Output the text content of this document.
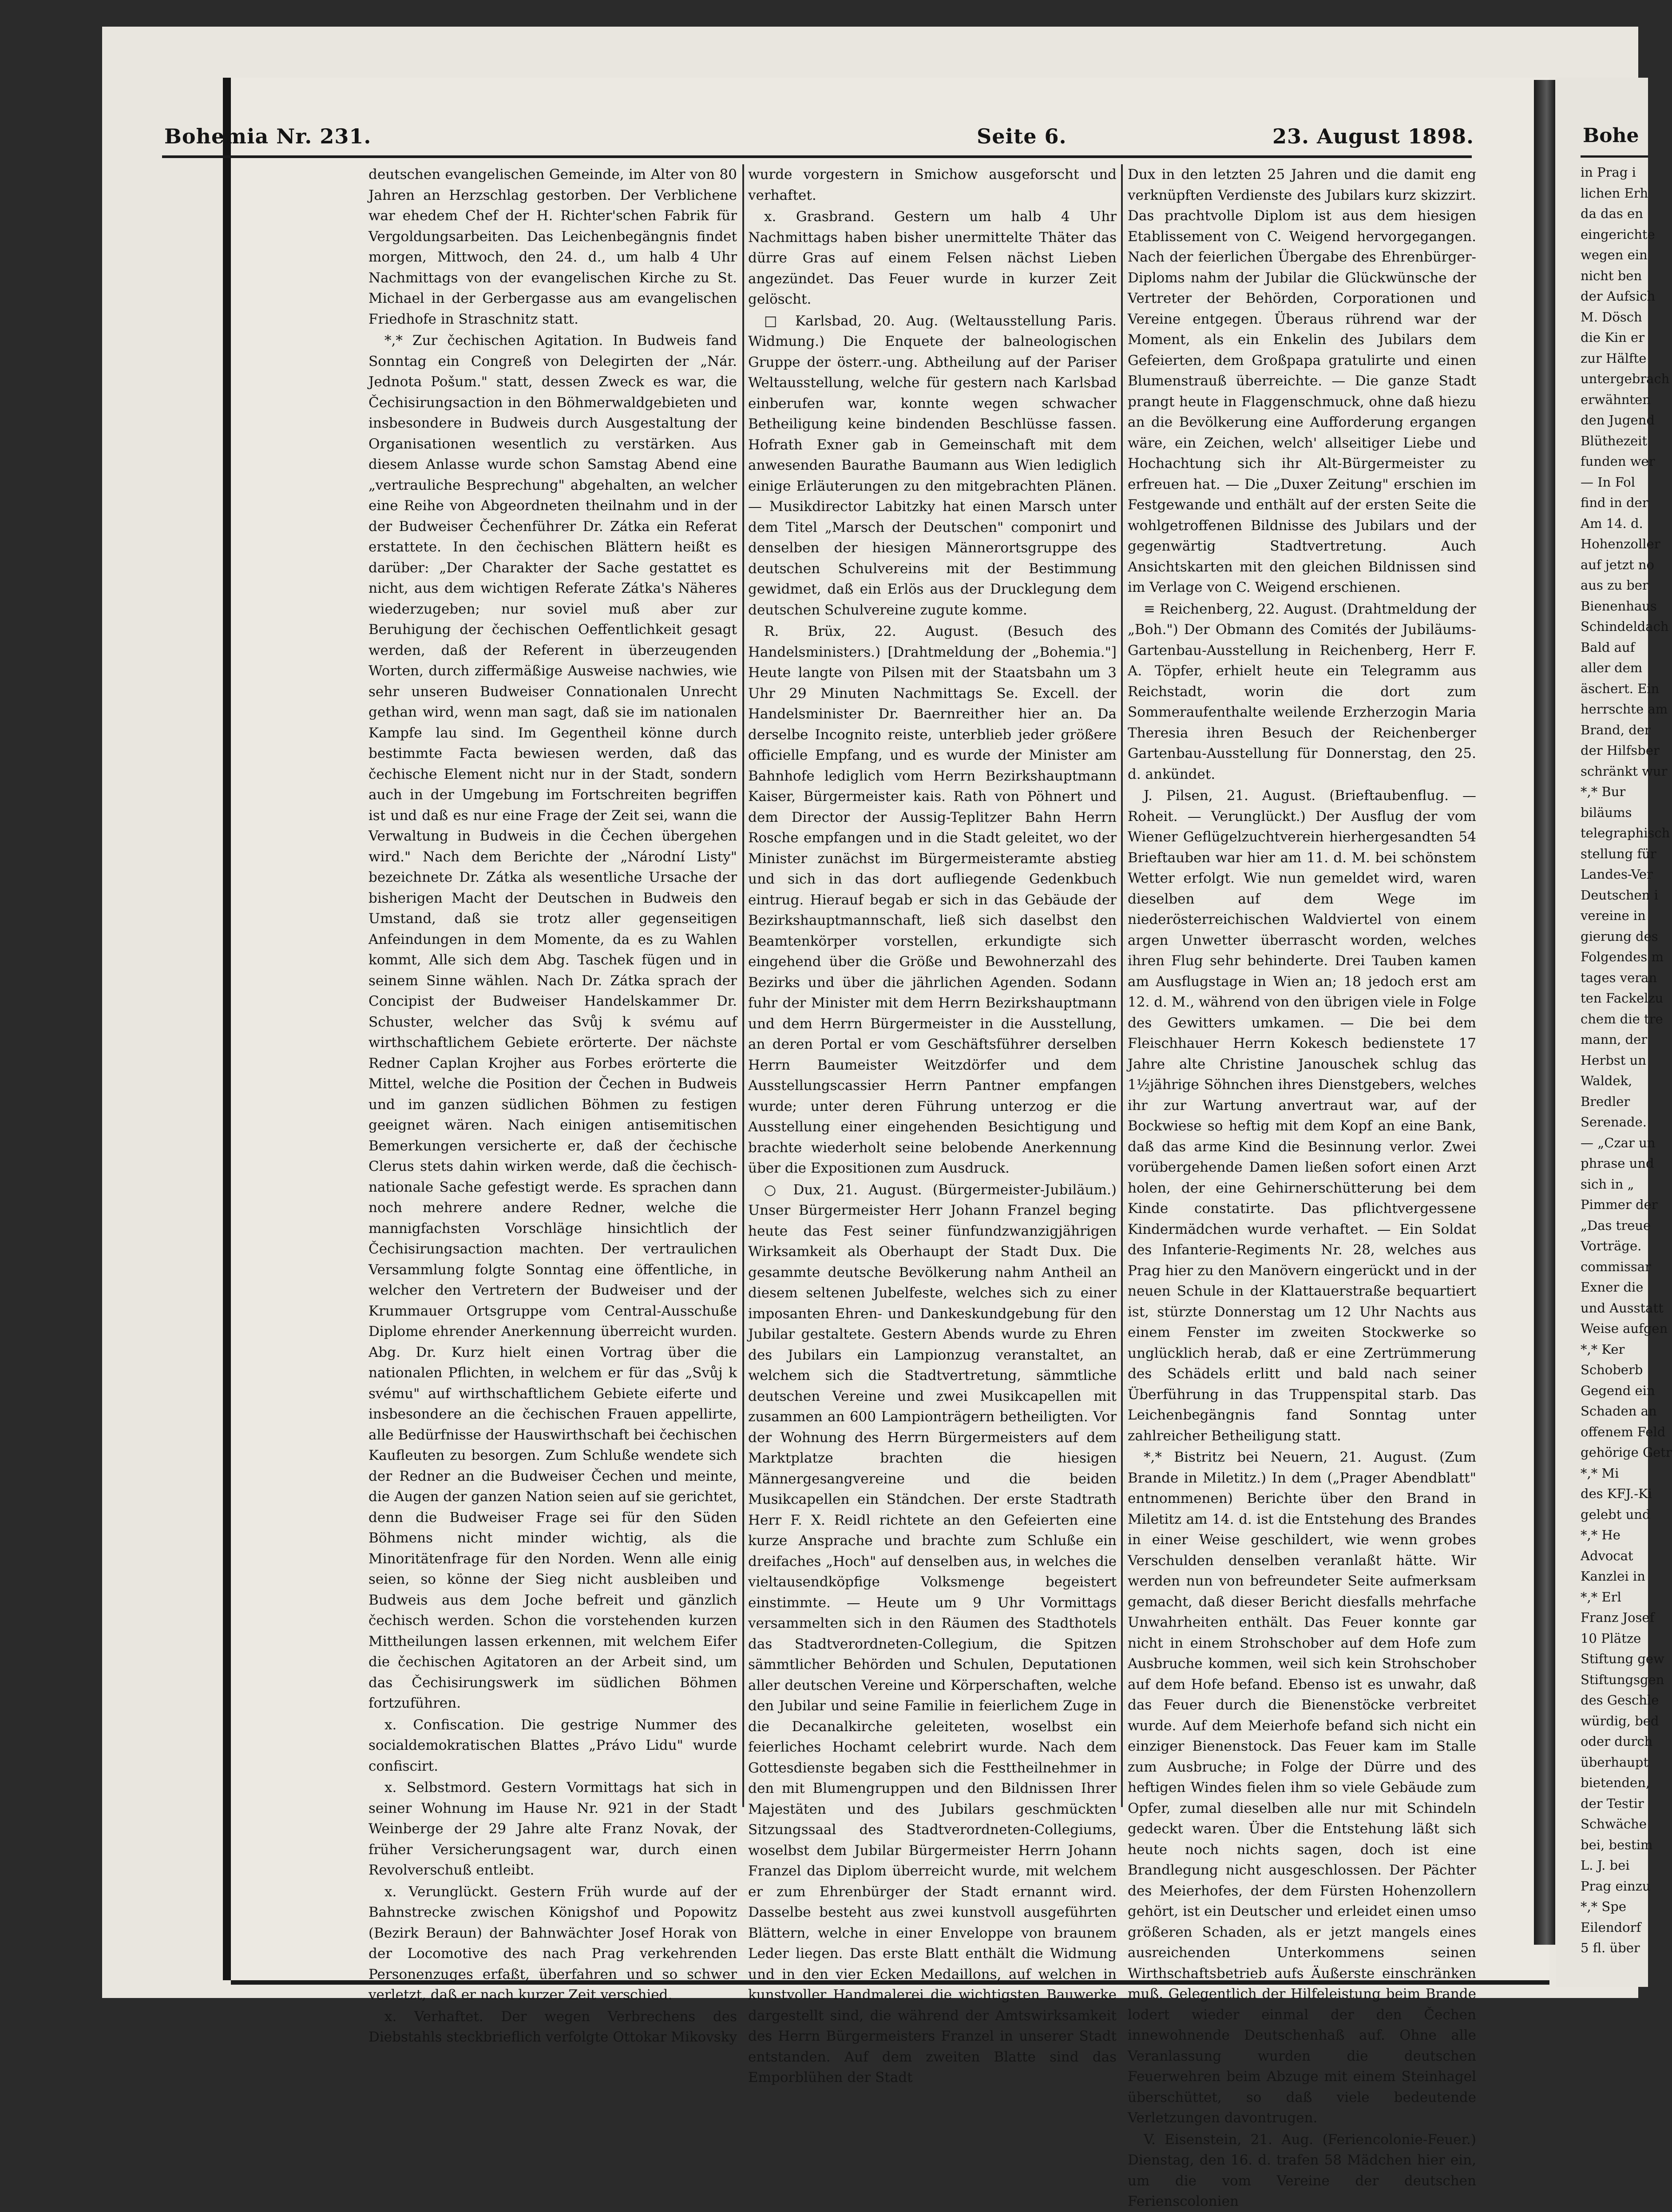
Bohemia Nr. 231.	Seite 6.	23. August 1898.

deutschen evangelischen Gemeinde, im Alter von 80 Jahren an Herzschlag gestorben. Der Verblichene war ehedem Chef der H. Richter'schen Fabrik für Vergoldungsarbeiten. Das Leichenbegängnis findet morgen, Mittwoch, den 24. d., um halb 4 Uhr Nachmittags von der evangelischen Kirche zu St. Michael in der Gerbergasse aus am evangelischen Friedhofe in Straschnitz statt.

*,* Zur čechischen Agitation. In Budweis fand Sonntag ein Congreß von Delegirten der „Nár. Jednota Pošum." statt, dessen Zweck es war, die Čechisirungsaction in den Böhmerwaldgebieten und insbesondere in Budweis durch Ausgestaltung der Organisationen wesentlich zu verstärken. Aus diesem Anlasse wurde schon Samstag Abend eine „vertrauliche Besprechung" abgehalten, an welcher eine Reihe von Abgeordneten theilnahm und in der der Budweiser Čechenführer Dr. Zátka ein Referat erstattete. In den čechischen Blättern heißt es darüber: „Der Charakter der Sache gestattet es nicht, aus dem wichtigen Referate Zátka's Näheres wiederzugeben; nur soviel muß aber zur Beruhigung der čechischen Oeffentlichkeit gesagt werden, daß der Referent in überzeugenden Worten, durch ziffermäßige Ausweise nachwies, wie sehr unseren Budweiser Connationalen Unrecht gethan wird, wenn man sagt, daß sie im nationalen Kampfe lau sind. Im Gegentheil könne durch bestimmte Facta bewiesen werden, daß das čechische Element nicht nur in der Stadt, sondern auch in der Umgebung im Fortschreiten begriffen ist und daß es nur eine Frage der Zeit sei, wann die Verwaltung in Budweis in die Čechen übergehen wird." Nach dem Berichte der „Národní Listy" bezeichnete Dr. Zátka als wesentliche Ursache der bisherigen Macht der Deutschen in Budweis den Umstand, daß sie trotz aller gegenseitigen Anfeindungen in dem Momente, da es zu Wahlen kommt, Alle sich dem Abg. Taschek fügen und in seinem Sinne wählen. Nach Dr. Zátka sprach der Concipist der Budweiser Handelskammer Dr. Schuster, welcher das Svůj k svému auf wirthschaftlichem Gebiete erörterte. Der nächste Redner Caplan Krojher aus Forbes erörterte die Mittel, welche die Position der Čechen in Budweis und im ganzen südlichen Böhmen zu festigen geeignet wären. Nach einigen antisemitischen Bemerkungen versicherte er, daß der čechische Clerus stets dahin wirken werde, daß die čechisch-nationale Sache gefestigt werde. Es sprachen dann noch mehrere andere Redner, welche die mannigfachsten Vorschläge hinsichtlich der Čechisirungsaction machten. Der vertraulichen Versammlung folgte Sonntag eine öffentliche, in welcher den Vertretern der Budweiser und der Krummauer Ortsgruppe vom Central-Ausschuße Diplome ehrender Anerkennung überreicht wurden. Abg. Dr. Kurz hielt einen Vortrag über die nationalen Pflichten, in welchem er für das „Svůj k svému" auf wirthschaftlichem Gebiete eiferte und insbesondere an die čechischen Frauen appellirte, alle Bedürfnisse der Hauswirthschaft bei čechischen Kaufleuten zu besorgen. Zum Schluße wendete sich der Redner an die Budweiser Čechen und meinte, die Augen der ganzen Nation seien auf sie gerichtet, denn die Budweiser Frage sei für den Süden Böhmens nicht minder wichtig, als die Minoritätenfrage für den Norden. Wenn alle einig seien, so könne der Sieg nicht ausbleiben und Budweis aus dem Joche befreit und gänzlich čechisch werden. Schon die vorstehenden kurzen Mittheilungen lassen erkennen, mit welchem Eifer die čechischen Agitatoren an der Arbeit sind, um das Čechisirungswerk im südlichen Böhmen fortzuführen.

x. Confiscation. Die gestrige Nummer des socialdemokratischen Blattes „Právo Lidu" wurde confiscirt.

x. Selbstmord. Gestern Vormittags hat sich in seiner Wohnung im Hause Nr. 921 in der Stadt Weinberge der 29 Jahre alte Franz Novak, der früher Versicherungsagent war, durch einen Revolverschuß entleibt.

x. Verunglückt. Gestern Früh wurde auf der Bahnstrecke zwischen Königshof und Popowitz (Bezirk Beraun) der Bahnwächter Josef Horak von der Locomotive des nach Prag verkehrenden Personenzuges erfaßt, überfahren und so schwer verletzt, daß er nach kurzer Zeit verschied.

x. Verhaftet. Der wegen Verbrechens des Diebstahls steckbrieflich verfolgte Ottokar Mikovsky

wurde vorgestern in Smichow ausgeforscht und verhaftet.

x. Grasbrand. Gestern um halb 4 Uhr Nachmittags haben bisher unermittelte Thäter das dürre Gras auf einem Felsen nächst Lieben angezündet. Das Feuer wurde in kurzer Zeit gelöscht.

□ Karlsbad, 20. Aug. (Weltausstellung Paris. Widmung.) Die Enquete der balneologischen Gruppe der österr.-ung. Abtheilung auf der Pariser Weltausstellung, welche für gestern nach Karlsbad einberufen war, konnte wegen schwacher Betheiligung keine bindenden Beschlüsse fassen. Hofrath Exner gab in Gemeinschaft mit dem anwesenden Baurathe Baumann aus Wien lediglich einige Erläuterungen zu den mitgebrachten Plänen. — Musikdirector Labitzky hat einen Marsch unter dem Titel „Marsch der Deutschen" componirt und denselben der hiesigen Männerortsgruppe des deutschen Schulvereins mit der Bestimmung gewidmet, daß ein Erlös aus der Drucklegung dem deutschen Schulvereine zugute komme.

R. Brüx, 22. August. (Besuch des Handelsministers.) [Drahtmeldung der „Bohemia."] Heute langte von Pilsen mit der Staatsbahn um 3 Uhr 29 Minuten Nachmittags Se. Excell. der Handelsminister Dr. Baernreither hier an. Da derselbe Incognito reiste, unterblieb jeder größere officielle Empfang, und es wurde der Minister am Bahnhofe lediglich vom Herrn Bezirkshauptmann Kaiser, Bürgermeister kais. Rath von Pöhnert und dem Director der Aussig-Teplitzer Bahn Herrn Rosche empfangen und in die Stadt geleitet, wo der Minister zunächst im Bürgermeisteramte abstieg und sich in das dort aufliegende Gedenkbuch eintrug. Hierauf begab er sich in das Gebäude der Bezirkshauptmannschaft, ließ sich daselbst den Beamtenkörper vorstellen, erkundigte sich eingehend über die Größe und Bewohnerzahl des Bezirks und über die jährlichen Agenden. Sodann fuhr der Minister mit dem Herrn Bezirkshauptmann und dem Herrn Bürgermeister in die Ausstellung, an deren Portal er vom Geschäftsführer derselben Herrn Baumeister Weitzdörfer und dem Ausstellungscassier Herrn Pantner empfangen wurde; unter deren Führung unterzog er die Ausstellung einer eingehenden Besichtigung und brachte wiederholt seine belobende Anerkennung über die Expositionen zum Ausdruck.

○ Dux, 21. August. (Bürgermeister-Jubiläum.) Unser Bürgermeister Herr Johann Franzel beging heute das Fest seiner fünfundzwanzigjährigen Wirksamkeit als Oberhaupt der Stadt Dux. Die gesammte deutsche Bevölkerung nahm Antheil an diesem seltenen Jubelfeste, welches sich zu einer imposanten Ehren- und Dankeskundgebung für den Jubilar gestaltete. Gestern Abends wurde zu Ehren des Jubilars ein Lampionzug veranstaltet, an welchem sich die Stadtvertretung, sämmtliche deutschen Vereine und zwei Musikcapellen mit zusammen an 600 Lampionträgern betheiligten. Vor der Wohnung des Herrn Bürgermeisters auf dem Marktplatze brachten die hiesigen Männergesangvereine und die beiden Musikcapellen ein Ständchen. Der erste Stadtrath Herr F. X. Reidl richtete an den Gefeierten eine kurze Ansprache und brachte zum Schluße ein dreifaches „Hoch" auf denselben aus, in welches die vieltausendköpfige Volksmenge begeistert einstimmte. — Heute um 9 Uhr Vormittags versammelten sich in den Räumen des Stadthotels das Stadtverordneten-Collegium, die Spitzen sämmtlicher Behörden und Schulen, Deputationen aller deutschen Vereine und Körperschaften, welche den Jubilar und seine Familie in feierlichem Zuge in die Decanalkirche geleiteten, woselbst ein feierliches Hochamt celebrirt wurde. Nach dem Gottesdienste begaben sich die Festtheilnehmer in den mit Blumengruppen und den Bildnissen Ihrer Majestäten und des Jubilars geschmückten Sitzungssaal des Stadtverordneten-Collegiums, woselbst dem Jubilar Bürgermeister Herrn Johann Franzel das Diplom überreicht wurde, mit welchem er zum Ehrenbürger der Stadt ernannt wird. Dasselbe besteht aus zwei kunstvoll ausgeführten Blättern, welche in einer Enveloppe von braunem Leder liegen. Das erste Blatt enthält die Widmung und in den vier Ecken Medaillons, auf welchen in kunstvoller Handmalerei die wichtigsten Bauwerke dargestellt sind, die während der Amtswirksamkeit des Herrn Bürgermeisters Franzel in unserer Stadt entstanden. Auf dem zweiten Blatte sind das Emporblühen der Stadt

Dux in den letzten 25 Jahren und die damit eng verknüpften Verdienste des Jubilars kurz skizzirt. Das prachtvolle Diplom ist aus dem hiesigen Etablissement von C. Weigend hervorgegangen. Nach der feierlichen Übergabe des Ehrenbürger-Diploms nahm der Jubilar die Glückwünsche der Vertreter der Behörden, Corporationen und Vereine entgegen. Überaus rührend war der Moment, als ein Enkelin des Jubilars dem Gefeierten, dem Großpapa gratulirte und einen Blumenstrauß überreichte. — Die ganze Stadt prangt heute in Flaggenschmuck, ohne daß hiezu an die Bevölkerung eine Aufforderung ergangen wäre, ein Zeichen, welch' allseitiger Liebe und Hochachtung sich ihr Alt-Bürgermeister zu erfreuen hat. — Die „Duxer Zeitung" erschien im Festgewande und enthält auf der ersten Seite die wohlgetroffenen Bildnisse des Jubilars und der gegenwärtig Stadtvertretung. Auch Ansichtskarten mit den gleichen Bildnissen sind im Verlage von C. Weigend erschienen.

≡ Reichenberg, 22. August. (Drahtmeldung der „Boh.") Der Obmann des Comités der Jubiläums-Gartenbau-Ausstellung in Reichenberg, Herr F. A. Töpfer, erhielt heute ein Telegramm aus Reichstadt, worin die dort zum Sommeraufenthalte weilende Erzherzogin Maria Theresia ihren Besuch der Reichenberger Gartenbau-Ausstellung für Donnerstag, den 25. d. ankündet.

J. Pilsen, 21. August. (Brieftaubenflug. — Roheit. — Verunglückt.) Der Ausflug der vom Wiener Geflügelzuchtverein hierhergesandten 54 Brieftauben war hier am 11. d. M. bei schönstem Wetter erfolgt. Wie nun gemeldet wird, waren dieselben auf dem Wege im niederösterreichischen Waldviertel von einem argen Unwetter überrascht worden, welches ihren Flug sehr behinderte. Drei Tauben kamen am Ausflugstage in Wien an; 18 jedoch erst am 12. d. M., während von den übrigen viele in Folge des Gewitters umkamen. — Die bei dem Fleischhauer Herrn Kokesch bedienstete 17 Jahre alte Christine Janouschek schlug das 1½jährige Söhnchen ihres Dienstgebers, welches ihr zur Wartung anvertraut war, auf der Bockwiese so heftig mit dem Kopf an eine Bank, daß das arme Kind die Besinnung verlor. Zwei vorübergehende Damen ließen sofort einen Arzt holen, der eine Gehirnerschütterung bei dem Kinde constatirte. Das pflichtvergessene Kindermädchen wurde verhaftet. — Ein Soldat des Infanterie-Regiments Nr. 28, welches aus Prag hier zu den Manövern eingerückt und in der neuen Schule in der Klattauerstraße bequartiert ist, stürzte Donnerstag um 12 Uhr Nachts aus einem Fenster im zweiten Stockwerke so unglücklich herab, daß er eine Zertrümmerung des Schädels erlitt und bald nach seiner Überführung in das Truppenspital starb. Das Leichenbegängnis fand Sonntag unter zahlreicher Betheiligung statt.

*,* Bistritz bei Neuern, 21. August. (Zum Brande in Miletitz.) In dem („Prager Abendblatt" entnommenen) Berichte über den Brand in Miletitz am 14. d. ist die Entstehung des Brandes in einer Weise geschildert, wie wenn grobes Verschulden denselben veranlaßt hätte. Wir werden nun von befreundeter Seite aufmerksam gemacht, daß dieser Bericht diesfalls mehrfache Unwahrheiten enthält. Das Feuer konnte gar nicht in einem Strohschober auf dem Hofe zum Ausbruche kommen, weil sich kein Strohschober auf dem Hofe befand. Ebenso ist es unwahr, daß das Feuer durch die Bienenstöcke verbreitet wurde. Auf dem Meierhofe befand sich nicht ein einziger Bienenstock. Das Feuer kam im Stalle zum Ausbruche; in Folge der Dürre und des heftigen Windes fielen ihm so viele Gebäude zum Opfer, zumal dieselben alle nur mit Schindeln gedeckt waren. Über die Entstehung läßt sich heute noch nichts sagen, doch ist eine Brandlegung nicht ausgeschlossen. Der Pächter des Meierhofes, der dem Fürsten Hohenzollern gehört, ist ein Deutscher und erleidet einen umso größeren Schaden, als er jetzt mangels eines ausreichenden Unterkommens seinen Wirthschaftsbetrieb aufs Äußerste einschränken muß. Gelegentlich der Hilfeleistung beim Brande lodert wieder einmal der den Čechen innewohnende Deutschenhaß auf. Ohne alle Veranlassung wurden die deutschen Feuerwehren beim Abzuge mit einem Steinhagel überschüttet, so daß viele bedeutende Verletzungen davontrugen.

V. Eisenstein, 21. Aug. (Feriencolonie-Feuer.) Dienstag, den 16. d. trafen 58 Mädchen hier ein, um die vom Vereine der deutschen Ferienscolonien

Bohe
in Prag i
lichen Erh
da das en
eingerichte
wegen ein
nicht ben
der Aufsich
M. Dösch
die Kin er
zur Hälfte
untergebrach
erwähnten
den Jugend
Blüthezeit
funden wer
— In Fol
find in der
Am 14. d.
Hohenzoller
auf jetzt no
aus zu ber
Bienenhaus
Schindeldach
Bald auf
aller dem
äschert. Ein
herrschte am
Brand, der
der Hilfsber
schränkt wur
*,* Bur
biläums
telegraphisch
stellung für
Landes-Ver
Deutschen i
vereine in
gierung des
Folgendes m
tages veran
ten Fackelzu
chem die tre
mann, der
Herbst un
Waldek,
Bredler
Serenade.
— „Czar un
phrase und
sich in „
Pimmer der
„Das treue
Vorträge.
commissar
Exner die
und Ausstatt
Weise aufgen
*,* Ker
Schoberb
Gegend ein
Schaden an
offenem Feld
gehörige Getr
*,* Mi
des KFJ.-Ki
gelebt und
*,* He
Advocat
Kanzlei in
*,* Erl
Franz Josef
10 Plätze
Stiftung gew
Stiftungsgen
des Geschle
würdig, bed
oder durch
überhaupt
bietenden,
der Testir
Schwäche
bei, bestim
L. J. bei
Prag einzu
*,* Spe
Eilendorf
5 fl. über
